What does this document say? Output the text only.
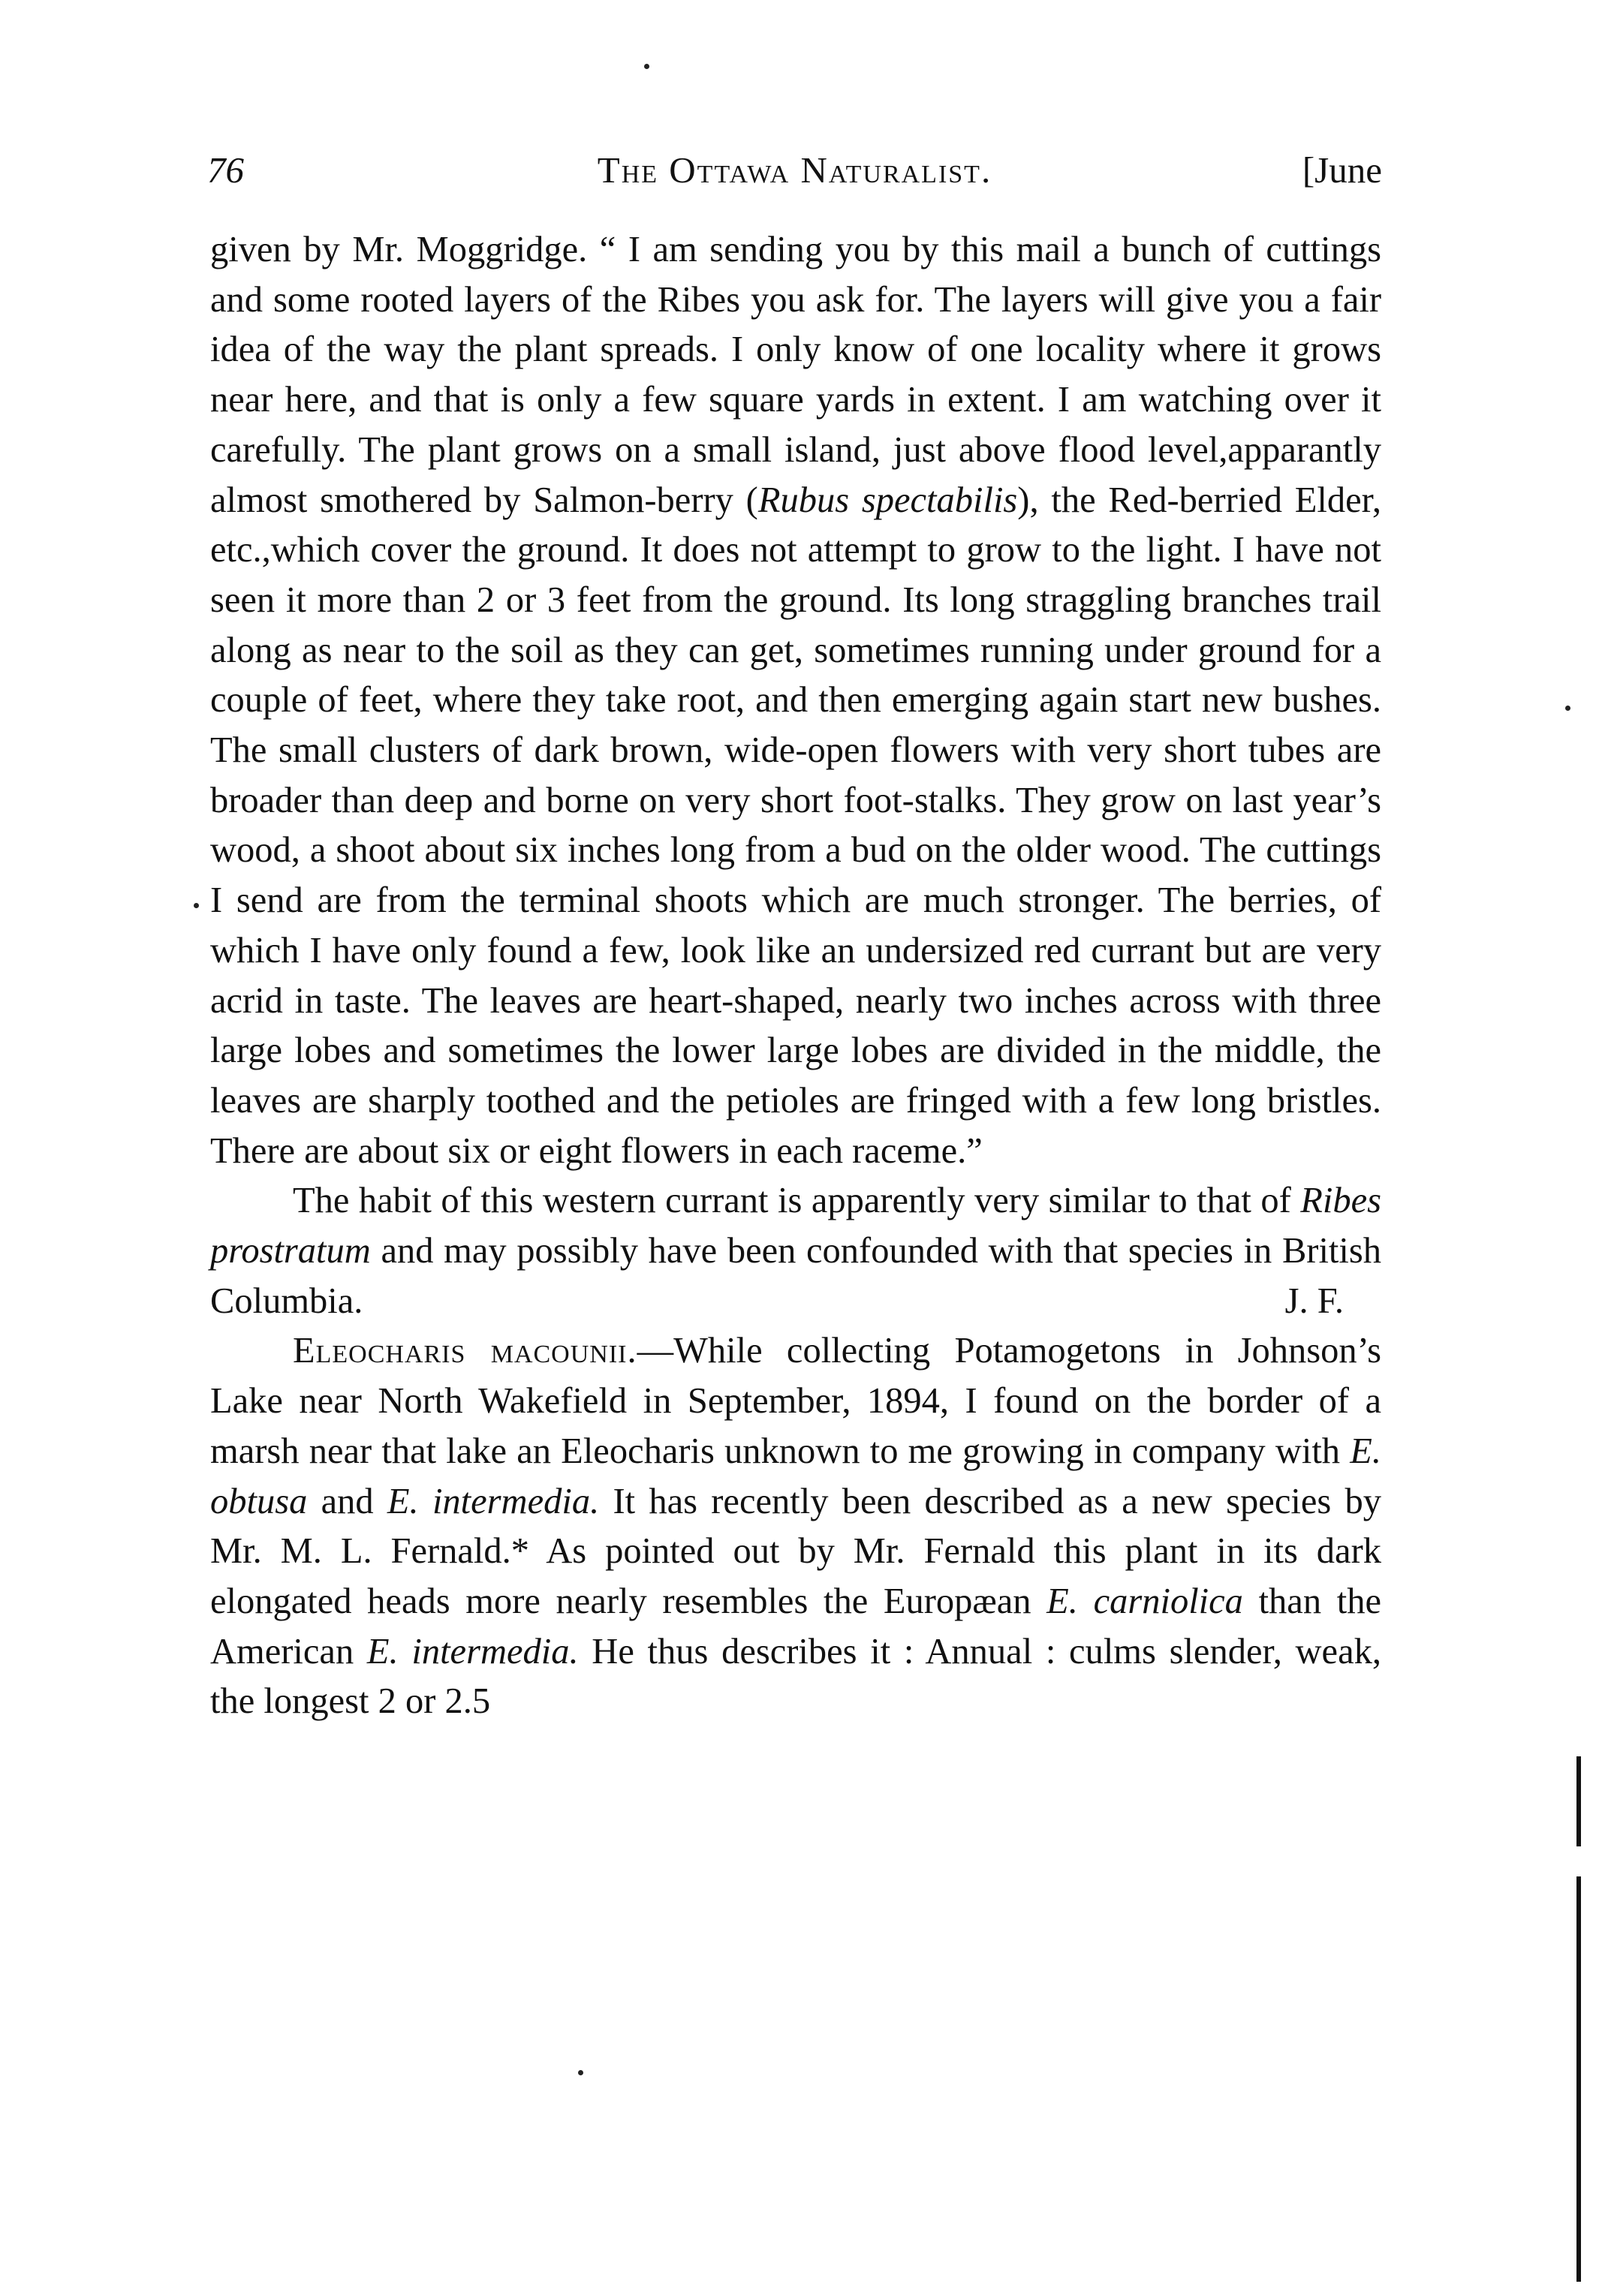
76	The Ottawa Naturalist.	[June

given by Mr. Moggridge. “ I am sending you by this mail a bunch of cuttings and some rooted layers of the Ribes you ask for. The layers will give you a fair idea of the way the plant spreads. I only know of one locality where it grows near here, and that is only a few square yards in extent. I am watching over it carefully. The plant grows on a small island, just above flood level,apparantly almost smothered by Salmon-berry (Rubus spectabilis), the Red-berried Elder, etc.,which cover the ground. It does not attempt to grow to the light. I have not seen it more than 2 or 3 feet from the ground. Its long straggling branches trail along as near to the soil as they can get, sometimes running under ground for a couple of feet, where they take root, and then emerging again start new bushes. The small clusters of dark brown, wide-open flowers with very short tubes are broader than deep and borne on very short foot-stalks. They grow on last year’s wood, a shoot about six inches long from a bud on the older wood. The cuttings I send are from the terminal shoots which are much stronger. The berries, of which I have only found a few, look like an undersized red currant but are very acrid in taste. The leaves are heart-shaped, nearly two inches across with three large lobes and sometimes the lower large lobes are divided in the middle, the leaves are sharply toothed and the petioles are fringed with a few long bristles. There are about six or eight flowers in each raceme.”

The habit of this western currant is apparently very similar to that of Ribes prostratum and may possibly have been confounded with that species in British Columbia.	J. F.

Eleocharis macounii.—While collecting Potamogetons in Johnson’s Lake near North Wakefield in September, 1894, I found on the border of a marsh near that lake an Eleocharis unknown to me growing in company with E. obtusa and E. intermedia. It has recently been described as a new species by Mr. M. L. Fernald.* As pointed out by Mr. Fernald this plant in its dark elongated heads more nearly resembles the Europæan E. carniolica than the American E. intermedia. He thus describes it : Annual : culms slender, weak, the longest 2 or 2.5
